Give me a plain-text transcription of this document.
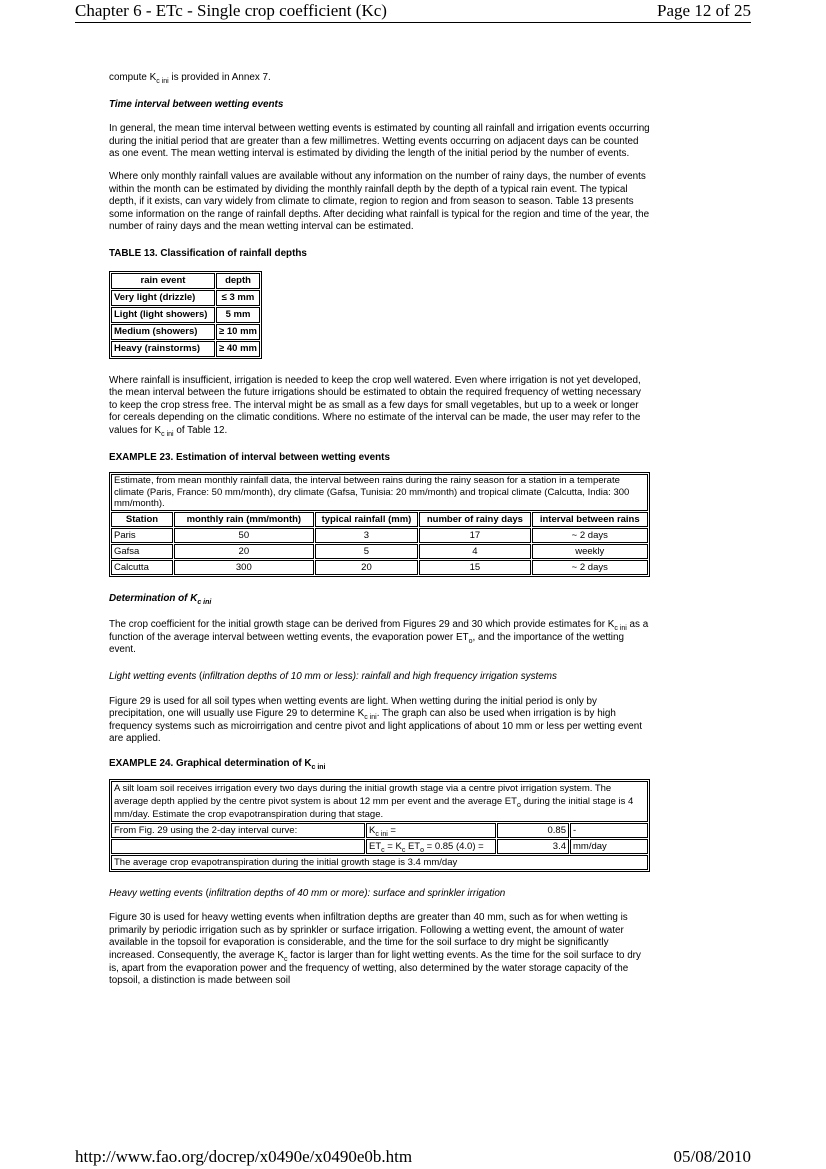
Chapter 6 - ETc - Single crop coefficient (Kc)	Page 12 of 25

compute $K_{c ini}$ is provided in Annex 7.

Time interval between wetting events

In general, the mean time interval between wetting events is estimated by counting all rainfall and irrigation events occurring during the initial period that are greater than a few millimetres. Wetting events occurring on adjacent days can be counted as one event. The mean wetting interval is estimated by dividing the length of the initial period by the number of events.

Where only monthly rainfall values are available without any information on the number of rainy days, the number of events within the month can be estimated by dividing the monthly rainfall depth by the depth of a typical rain event. The typical depth, if it exists, can vary widely from climate to climate, region to region and from season to season. Table 13 presents some information on the range of rainfall depths. After deciding what rainfall is typical for the region and time of the year, the number of rainy days and the mean wetting interval can be estimated.

TABLE 13. Classification of rainfall depths
rain event	depth
Very light (drizzle)	≤ 3 mm
Light (light showers)	5 mm
Medium (showers)	≥ 10 mm
Heavy (rainstorms)	≥ 40 mm

Where rainfall is insufficient, irrigation is needed to keep the crop well watered. Even where irrigation is not yet developed, the mean interval between the future irrigations should be estimated to obtain the required frequency of wetting necessary to keep the crop stress free. The interval might be as small as a few days for small vegetables, but up to a week or longer for cereals depending on the climatic conditions. Where no estimate of the interval can be made, the user may refer to the values for $K_{c ini}$ of Table 12.

EXAMPLE 23. Estimation of interval between wetting events
Estimate, from mean monthly rainfall data, the interval between rains during the rainy season for a station in a temperate climate (Paris, France: 50 mm/month), dry climate (Gafsa, Tunisia: 20 mm/month) and tropical climate (Calcutta, India: 300 mm/month).				
Station	monthly rain (mm/month)	typical rainfall (mm)	number of rainy days	interval between rains
Paris	50	3	17	~ 2 days
Gafsa	20	5	4	weekly
Calcutta	300	20	15	~ 2 days
Determination of $K_{c ini}$

The crop coefficient for the initial growth stage can be derived from Figures 29 and 30 which provide estimates for $K_{c ini}$ as a function of the average interval between wetting events, the evaporation power $ET_o$, and the importance of the wetting event.

Light wetting events (infiltration depths of 10 mm or less): rainfall and high frequency irrigation systems

Figure 29 is used for all soil types when wetting events are light. When wetting during the initial period is only by precipitation, one will usually use Figure 29 to determine $K_{c ini}$. The graph can also be used when irrigation is by high frequency systems such as microirrigation and centre pivot and light applications of about 10 mm or less per wetting event are applied.

EXAMPLE 24. Graphical determination of $K_{c ini}$
A silt loam soil receives irrigation every two days during the initial growth stage via a centre pivot irrigation system. The average depth applied by the centre pivot system is about 12 mm per event and the average $ET_o$ during the initial stage is 4 mm/day. Estimate the crop evapotranspiration during that stage.			
From Fig. 29 using the 2-day interval curve:	$K_{c ini}$ =	0.85	-
	$ET_c = K_c$ $ET_o = 0.85$ (4.0) =	3.4	mm/day
The average crop evapotranspiration during the initial growth stage is 3.4 mm/day			
Heavy wetting events (infiltration depths of 40 mm or more): surface and sprinkler irrigation

Figure 30 is used for heavy wetting events when infiltration depths are greater than 40 mm, such as for when wetting is primarily by periodic irrigation such as by sprinkler or surface irrigation. Following a wetting event, the amount of water available in the topsoil for evaporation is considerable, and the time for the soil surface to dry might be significantly increased. Consequently, the average $K_c$ factor is larger than for light wetting events. As the time for the soil surface to dry is, apart from the evaporation power and the frequency of wetting, also determined by the water storage capacity of the topsoil, a distinction is made between soil

http://www.fao.org/docrep/x0490e/x0490e0b.htm	05/08/2010
